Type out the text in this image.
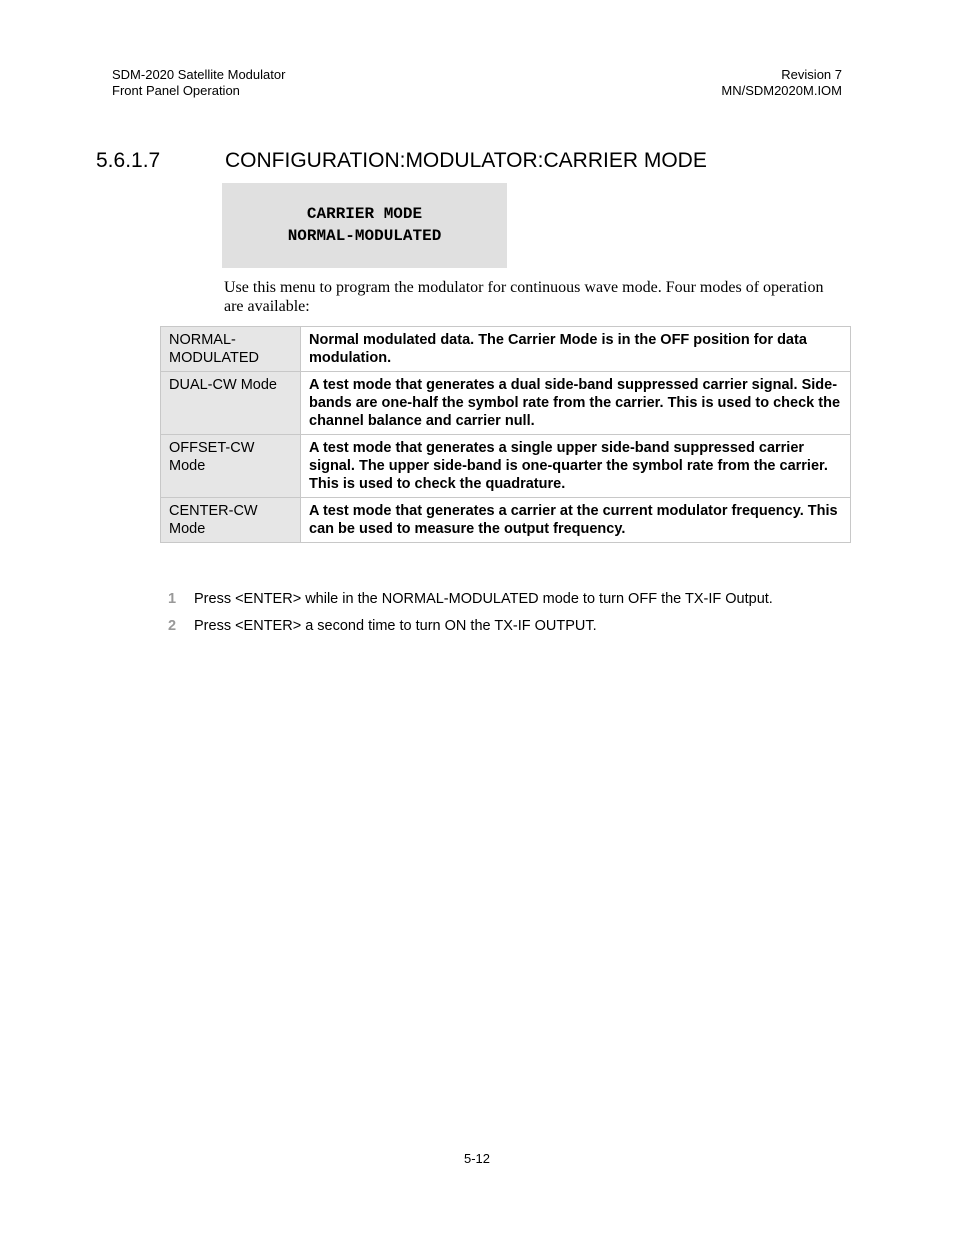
SDM-2020 Satellite Modulator
Front Panel Operation
Revision 7
MN/SDM2020M.IOM
5.6.1.7	CONFIGURATION:MODULATOR:CARRIER MODE
CARRIER MODE
NORMAL-MODULATED
Use this menu to program the modulator for continuous wave mode. Four modes of operation are available:
NORMAL-MODULATED	Normal modulated data. The Carrier Mode is in the OFF position for data modulation.
DUAL-CW Mode	A test mode that generates a dual side-band suppressed carrier signal. Side-bands are one-half the symbol rate from the carrier. This is used to check the channel balance and carrier null.
OFFSET-CW Mode	A test mode that generates a single upper side-band suppressed carrier signal. The upper side-band is one-quarter the symbol rate from the carrier. This is used to check the quadrature.
CENTER-CW Mode	A test mode that generates a carrier at the current modulator frequency. This can be used to measure the output frequency.
1	Press <ENTER> while in the NORMAL-MODULATED mode to turn OFF the TX-IF Output.
2	Press <ENTER> a second time to turn ON the TX-IF OUTPUT.
5-12
